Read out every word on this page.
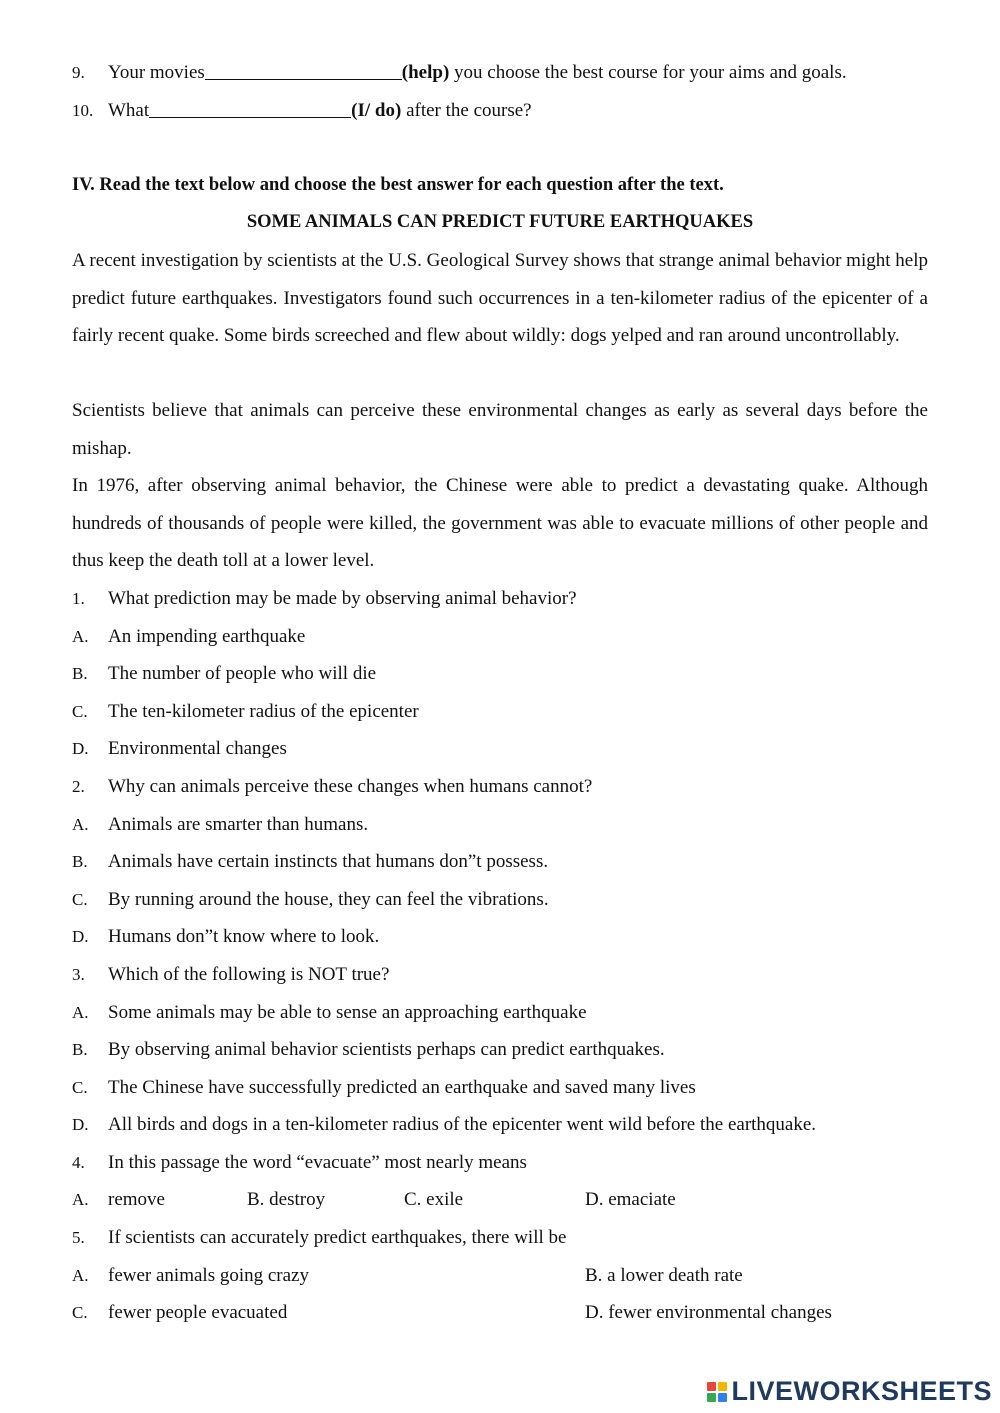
9. Your movies	(help) you choose the best course for your aims and goals.
10. What	(I/ do) after the course?
IV. Read the text below and choose the best answer for each question after the text.
SOME ANIMALS CAN PREDICT FUTURE EARTHQUAKES
A recent investigation by scientists at the U.S. Geological Survey shows that strange animal behavior might help predict future earthquakes. Investigators found such occurrences in a ten-kilometer radius of the epicenter of a fairly recent quake. Some birds screeched and flew about wildly: dogs yelped and ran around uncontrollably.
Scientists believe that animals can perceive these environmental changes as early as several days before the mishap.
In 1976, after observing animal behavior, the Chinese were able to predict a devastating quake. Although hundreds of thousands of people were killed, the government was able to evacuate millions of other people and thus keep the death toll at a lower level.
1. What prediction may be made by observing animal behavior?
A. An impending earthquake
B. The number of people who will die
C. The ten-kilometer radius of the epicenter
D. Environmental changes
2. Why can animals perceive these changes when humans cannot?
A. Animals are smarter than humans.
B. Animals have certain instincts that humans don”t possess.
C. By running around the house, they can feel the vibrations.
D. Humans don”t know where to look.
3. Which of the following is NOT true?
A. Some animals may be able to sense an approaching earthquake
B. By observing animal behavior scientists perhaps can predict earthquakes.
C. The Chinese have successfully predicted an earthquake and saved many lives
D. All birds and dogs in a ten-kilometer radius of the epicenter went wild before the earthquake.
4. In this passage the word “evacuate” most nearly means
A. remove	B. destroy	C. exile	D. emaciate
5. If scientists can accurately predict earthquakes, there will be
A. fewer animals going crazy	B. a lower death rate
C. fewer people evacuated	D. fewer environmental changes
LIVEWORKSHEETS
